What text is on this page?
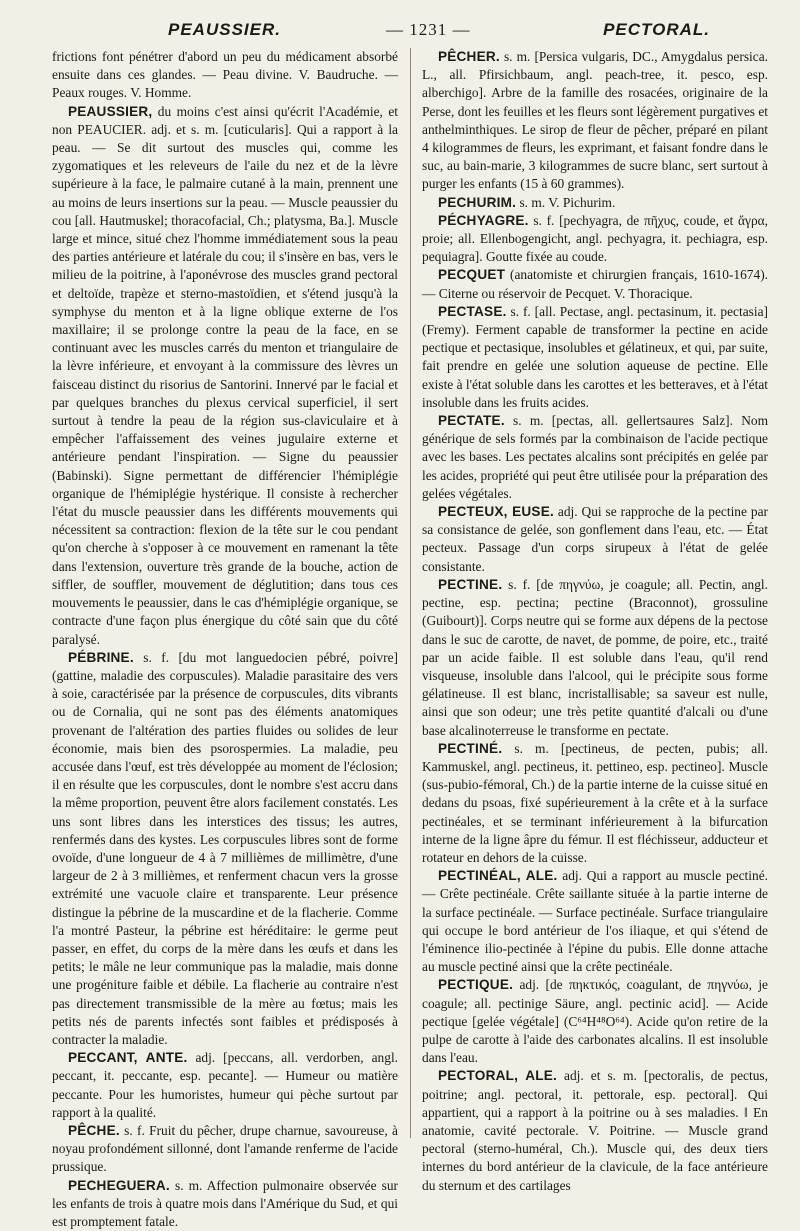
PEAUSSIER.	— 1231 —	PECTORAL.

frictions font pénétrer d'abord un peu du médicament absorbé ensuite dans ces glandes. — Peau divine. V. Baudruche. — Peaux rouges. V. Homme.

PEAUSSIER, du moins c'est ainsi qu'écrit l'Académie, et non PEAUCIER. adj. et s. m. [cuticularis]. Qui a rapport à la peau. — Se dit surtout des muscles qui, comme les zygomatiques et les releveurs de l'aile du nez et de la lèvre supérieure à la face, le palmaire cutané à la main, prennent une au moins de leurs insertions sur la peau. — Muscle peaussier du cou [all. Hautmuskel; thoracofacial, Ch.; platysma, Ba.]. Muscle large et mince, situé chez l'homme immédiatement sous la peau des parties antérieure et latérale du cou; il s'insère en bas, vers le milieu de la poitrine, à l'aponévrose des muscles grand pectoral et deltoïde, trapèze et sterno-mastoïdien, et s'étend jusqu'à la symphyse du menton et à la ligne oblique externe de l'os maxillaire; il se prolonge contre la peau de la face, en se continuant avec les muscles carrés du menton et triangulaire de la lèvre inférieure, et envoyant à la commissure des lèvres un faisceau distinct du risorius de Santorini. Innervé par le facial et par quelques branches du plexus cervical superficiel, il sert surtout à tendre la peau de la région sus-claviculaire et à empêcher l'affaissement des veines jugulaire externe et antérieure pendant l'inspiration. — Signe du peaussier (Babinski). Signe permettant de différencier l'hémiplégie organique de l'hémiplégie hystérique. Il consiste à rechercher l'état du muscle peaussier dans les différents mouvements qui nécessitent sa contraction: flexion de la tête sur le cou pendant qu'on cherche à s'opposer à ce mouvement en ramenant la tête dans l'extension, ouverture très grande de la bouche, action de siffler, de souffler, mouvement de déglutition; dans tous ces mouvements le peaussier, dans le cas d'hémiplégie organique, se contracte d'une façon plus énergique du côté sain que du côté paralysé.

PÉBRINE. s. f. [du mot languedocien pébré, poivre] (gattine, maladie des corpuscules). Maladie parasitaire des vers à soie, caractérisée par la présence de corpuscules, dits vibrants ou de Cornalia, qui ne sont pas des éléments anatomiques provenant de l'altération des parties fluides ou solides de leur économie, mais bien des psorospermies. La maladie, peu accusée dans l'œuf, est très développée au moment de l'éclosion; il en résulte que les corpuscules, dont le nombre s'est accru dans la même proportion, peuvent être alors facilement constatés. Les uns sont libres dans les interstices des tissus; les autres, renfermés dans des kystes. Les corpuscules libres sont de forme ovoïde, d'une longueur de 4 à 7 millièmes de millimètre, d'une largeur de 2 à 3 millièmes, et renferment chacun vers la grosse extrémité une vacuole claire et transparente. Leur présence distingue la pébrine de la muscardine et de la flacherie. Comme l'a montré Pasteur, la pébrine est héréditaire: le germe peut passer, en effet, du corps de la mère dans les œufs et dans les petits; le mâle ne leur communique pas la maladie, mais donne une progéniture faible et débile. La flacherie au contraire n'est pas directement transmissible de la mère au fœtus; mais les petits nés de parents infectés sont faibles et prédisposés à contracter la maladie.

PECCANT, ANTE. adj. [peccans, all. verdorben, angl. peccant, it. peccante, esp. pecante]. — Humeur ou matière peccante. Pour les humoristes, humeur qui pèche surtout par rapport à la qualité.

PÊCHE. s. f. Fruit du pêcher, drupe charnue, savoureuse, à noyau profondément sillonné, dont l'amande renferme de l'acide prussique.

PECHEGUERA. s. m. Affection pulmonaire observée sur les enfants de trois à quatre mois dans l'Amérique du Sud, et qui est promptement fatale.

PÊCHER. s. m. [Persica vulgaris, DC., Amygdalus persica. L., all. Pfirsichbaum, angl. peach-tree, it. pesco, esp. alberchigo]. Arbre de la famille des rosacées, originaire de la Perse, dont les feuilles et les fleurs sont légèrement purgatives et anthelminthiques. Le sirop de fleur de pêcher, préparé en pilant 4 kilogrammes de fleurs, les exprimant, et faisant fondre dans le suc, au bain-marie, 3 kilogrammes de sucre blanc, sert surtout à purger les enfants (15 à 60 grammes).

PECHURIM. s. m. V. Pichurim.

PÉCHYAGRE. s. f. [pechyagra, de πῆχυς, coude, et ἄγρα, proie; all. Ellenbogengicht, angl. pechyagra, it. pechiagra, esp. pequiagra]. Goutte fixée au coude.

PECQUET (anatomiste et chirurgien français, 1610-1674). — Citerne ou réservoir de Pecquet. V. Thoracique.

PECTASE. s. f. [all. Pectase, angl. pectasinum, it. pectasia] (Fremy). Ferment capable de transformer la pectine en acide pectique et pectasique, insolubles et gélatineux, et qui, par suite, fait prendre en gelée une solution aqueuse de pectine. Elle existe à l'état soluble dans les carottes et les betteraves, et à l'état insoluble dans les fruits acides.

PECTATE. s. m. [pectas, all. gellertsaures Salz]. Nom générique de sels formés par la combinaison de l'acide pectique avec les bases. Les pectates alcalins sont précipités en gelée par les acides, propriété qui peut être utilisée pour la préparation des gelées végétales.

PECTEUX, EUSE. adj. Qui se rapproche de la pectine par sa consistance de gelée, son gonflement dans l'eau, etc. — État pecteux. Passage d'un corps sirupeux à l'état de gelée consistante.

PECTINE. s. f. [de πηγνύω, je coagule; all. Pectin, angl. pectine, esp. pectina; pectine (Braconnot), grossuline (Guibourt)]. Corps neutre qui se forme aux dépens de la pectose dans le suc de carotte, de navet, de pomme, de poire, etc., traité par un acide faible. Il est soluble dans l'eau, qu'il rend visqueuse, insoluble dans l'alcool, qui le précipite sous forme gélatineuse. Il est blanc, incristallisable; sa saveur est nulle, ainsi que son odeur; une très petite quantité d'alcali ou d'une base alcalinoterreuse le transforme en pectate.

PECTINÉ. s. m. [pectineus, de pecten, pubis; all. Kammuskel, angl. pectineus, it. pettineo, esp. pectineo]. Muscle (sus-pubio-fémoral, Ch.) de la partie interne de la cuisse situé en dedans du psoas, fixé supérieurement à la crête et à la surface pectinéales, et se terminant inférieurement à la bifurcation interne de la ligne âpre du fémur. Il est fléchisseur, adducteur et rotateur en dehors de la cuisse.

PECTINÉAL, ALE. adj. Qui a rapport au muscle pectiné. — Crête pectinéale. Crête saillante située à la partie interne de la surface pectinéale. — Surface pectinéale. Surface triangulaire qui occupe le bord antérieur de l'os iliaque, et qui s'étend de l'éminence ilio-pectinée à l'épine du pubis. Elle donne attache au muscle pectiné ainsi que la crête pectinéale.

PECTIQUE. adj. [de πηκτικός, coagulant, de πηγνύω, je coagule; all. pectinige Säure, angl. pectinic acid]. — Acide pectique [gelée végétale] (C⁶⁴H⁴⁸O⁶⁴). Acide qu'on retire de la pulpe de carotte à l'aide des carbonates alcalins. Il est insoluble dans l'eau.

PECTORAL, ALE. adj. et s. m. [pectoralis, de pectus, poitrine; angl. pectoral, it. pettorale, esp. pectoral]. Qui appartient, qui a rapport à la poitrine ou à ses maladies. ‖ En anatomie, cavité pectorale. V. Poitrine. — Muscle grand pectoral (sterno-huméral, Ch.). Muscle qui, des deux tiers internes du bord antérieur de la clavicule, de la face antérieure du sternum et des cartilages
